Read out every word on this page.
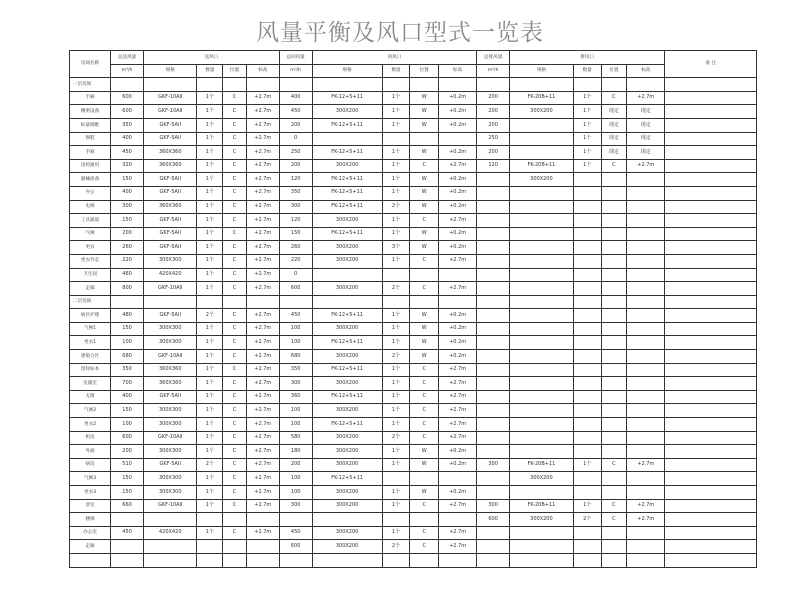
风量平衡及风口型式一览表
房间名称	总送风量	送风口				总回风量	回风口				总排风量	排风口				备 注
	m³/h	规格	数量	位置	标高	m³/h	规格	数量	位置	标高	m³/h	规格	数量	位置	标高	
一层房间																
手麻	600	GKF-10AII	1个	C	+2.7m	400	FK-12+5+11	1个	W	+0.2m	200	FK-20B+11	1个	C	+2.7m	
精密设备	600	GKF-10AII	1个	C	+2.7m	450	300X200	1个	W	+0.2m	200	300X200	1个	现定	现定	
标量调配	350	GKF-5AII	1个	C	+2.7m	200	FK-12+5+11	1个	W	+0.2m	200		1个	现定	现定	
换鞋	400	GKF-5AII	1个	C	+2.7m	0					250		1个	现定	现定	
手麻	450	360X360	1个	C	+2.7m	250	FK-12+5+11	1个	W	+0.2m	200		1个	现定	现定	
送检通用	320	360X360	1个	C	+2.7m	200	300X200	1个	C	+2.7m	120	FK-20B+11	1个	C	+2.7m	
器械准备	150	GKF-5AII	1个	C	+2.7m	120	FK-12+5+11	1个	W	+0.2m		300X200				
办公	400	GKF-5AII	1个	C	+2.7m	350	FK-12+5+11	1个	W	+0.2m						
电梯	300	360X360	1个	C	+2.7m	300	FK-12+5+11	2个	W	+0.2m						
工具通道	150	GKF-5AII	1个	C	+2.7m	120	300X200	1个	C	+2.7m						
气闸	200	GKF-5AII	1个	C	+2.7m	150	FK-12+5+11	1个	W	+0.2m						
更衣	260	GKF-5AII	1个	C	+2.7m	260	300X200	3个	W	+0.2m						
更衣外走	220	300X300	1个	C	+2.7m	220	300X200	1个	C	+2.7m						
卫生间	460	420X420	1个	C	+2.7m	0										
走廊	800	GKF-10AII	1个	C	+2.7m	600	300X200	2个	C	+2.7m						
二层房间																
病区护理	480	GKF-5AII	2个	C	+2.7m	450	FK-12+5+11	1个	W	+0.2m						
气闸1	150	300X300	1个	C	+2.7m	100	300X200	1个	W	+0.2m						
更衣1	100	300X300	1个	C	+2.7m	100	FK-12+5+11	1个	W	+0.2m						
感染分区	680	GKF-10AII	1个	C	+2.7m	680	300X200	2个	W	+0.2m						
留样标本	350	360X360	1个	C	+2.7m	350	FK-12+5+11	1个	C	+2.7m						
仪器室	700	360X360	1个	C	+2.7m	300	300X200	1个	C	+2.7m						
无菌	400	GKF-5AII	1个	C	+2.7m	360	FK-12+5+11	1个	C	+2.7m						
气闸2	150	300X300	1个	C	+2.7m	100	300X200	1个	C	+2.7m						
更衣2	100	300X300	1个	C	+2.7m	100	FK-12+5+11	1个	C	+2.7m						
机房	600	GKF-10AII	1个	C	+2.7m	580	300X200	2个	C	+2.7m						
外涌	200	300X300	1个	C	+2.7m	180	300X200	1个	W	+0.2m						
病房	510	GKF-5AII	2个	C	+2.7m	200	300X200	1个	W	+0.2m	300	FK-20B+11	1个	C	+2.7m	
气闸3	150	300X300	1个	C	+2.7m	100	FK-12+5+11					300X200				
更衣3	150	300X300	1个	C	+2.7m	100	300X200	1个	W	+0.2m						
诊室	660	GKF-10AII	1个	C	+2.7m	300	300X200	1个	C	+2.7m	300	FK-20B+11	1个	C	+2.7m	
楼梯											600	300X200	2个	C	+2.7m	
办公室	450	420X420	1个	C	+2.7m	450	300X200	1个	C	+2.7m						
走廊						600	300X200	2个	C	+2.7m						
